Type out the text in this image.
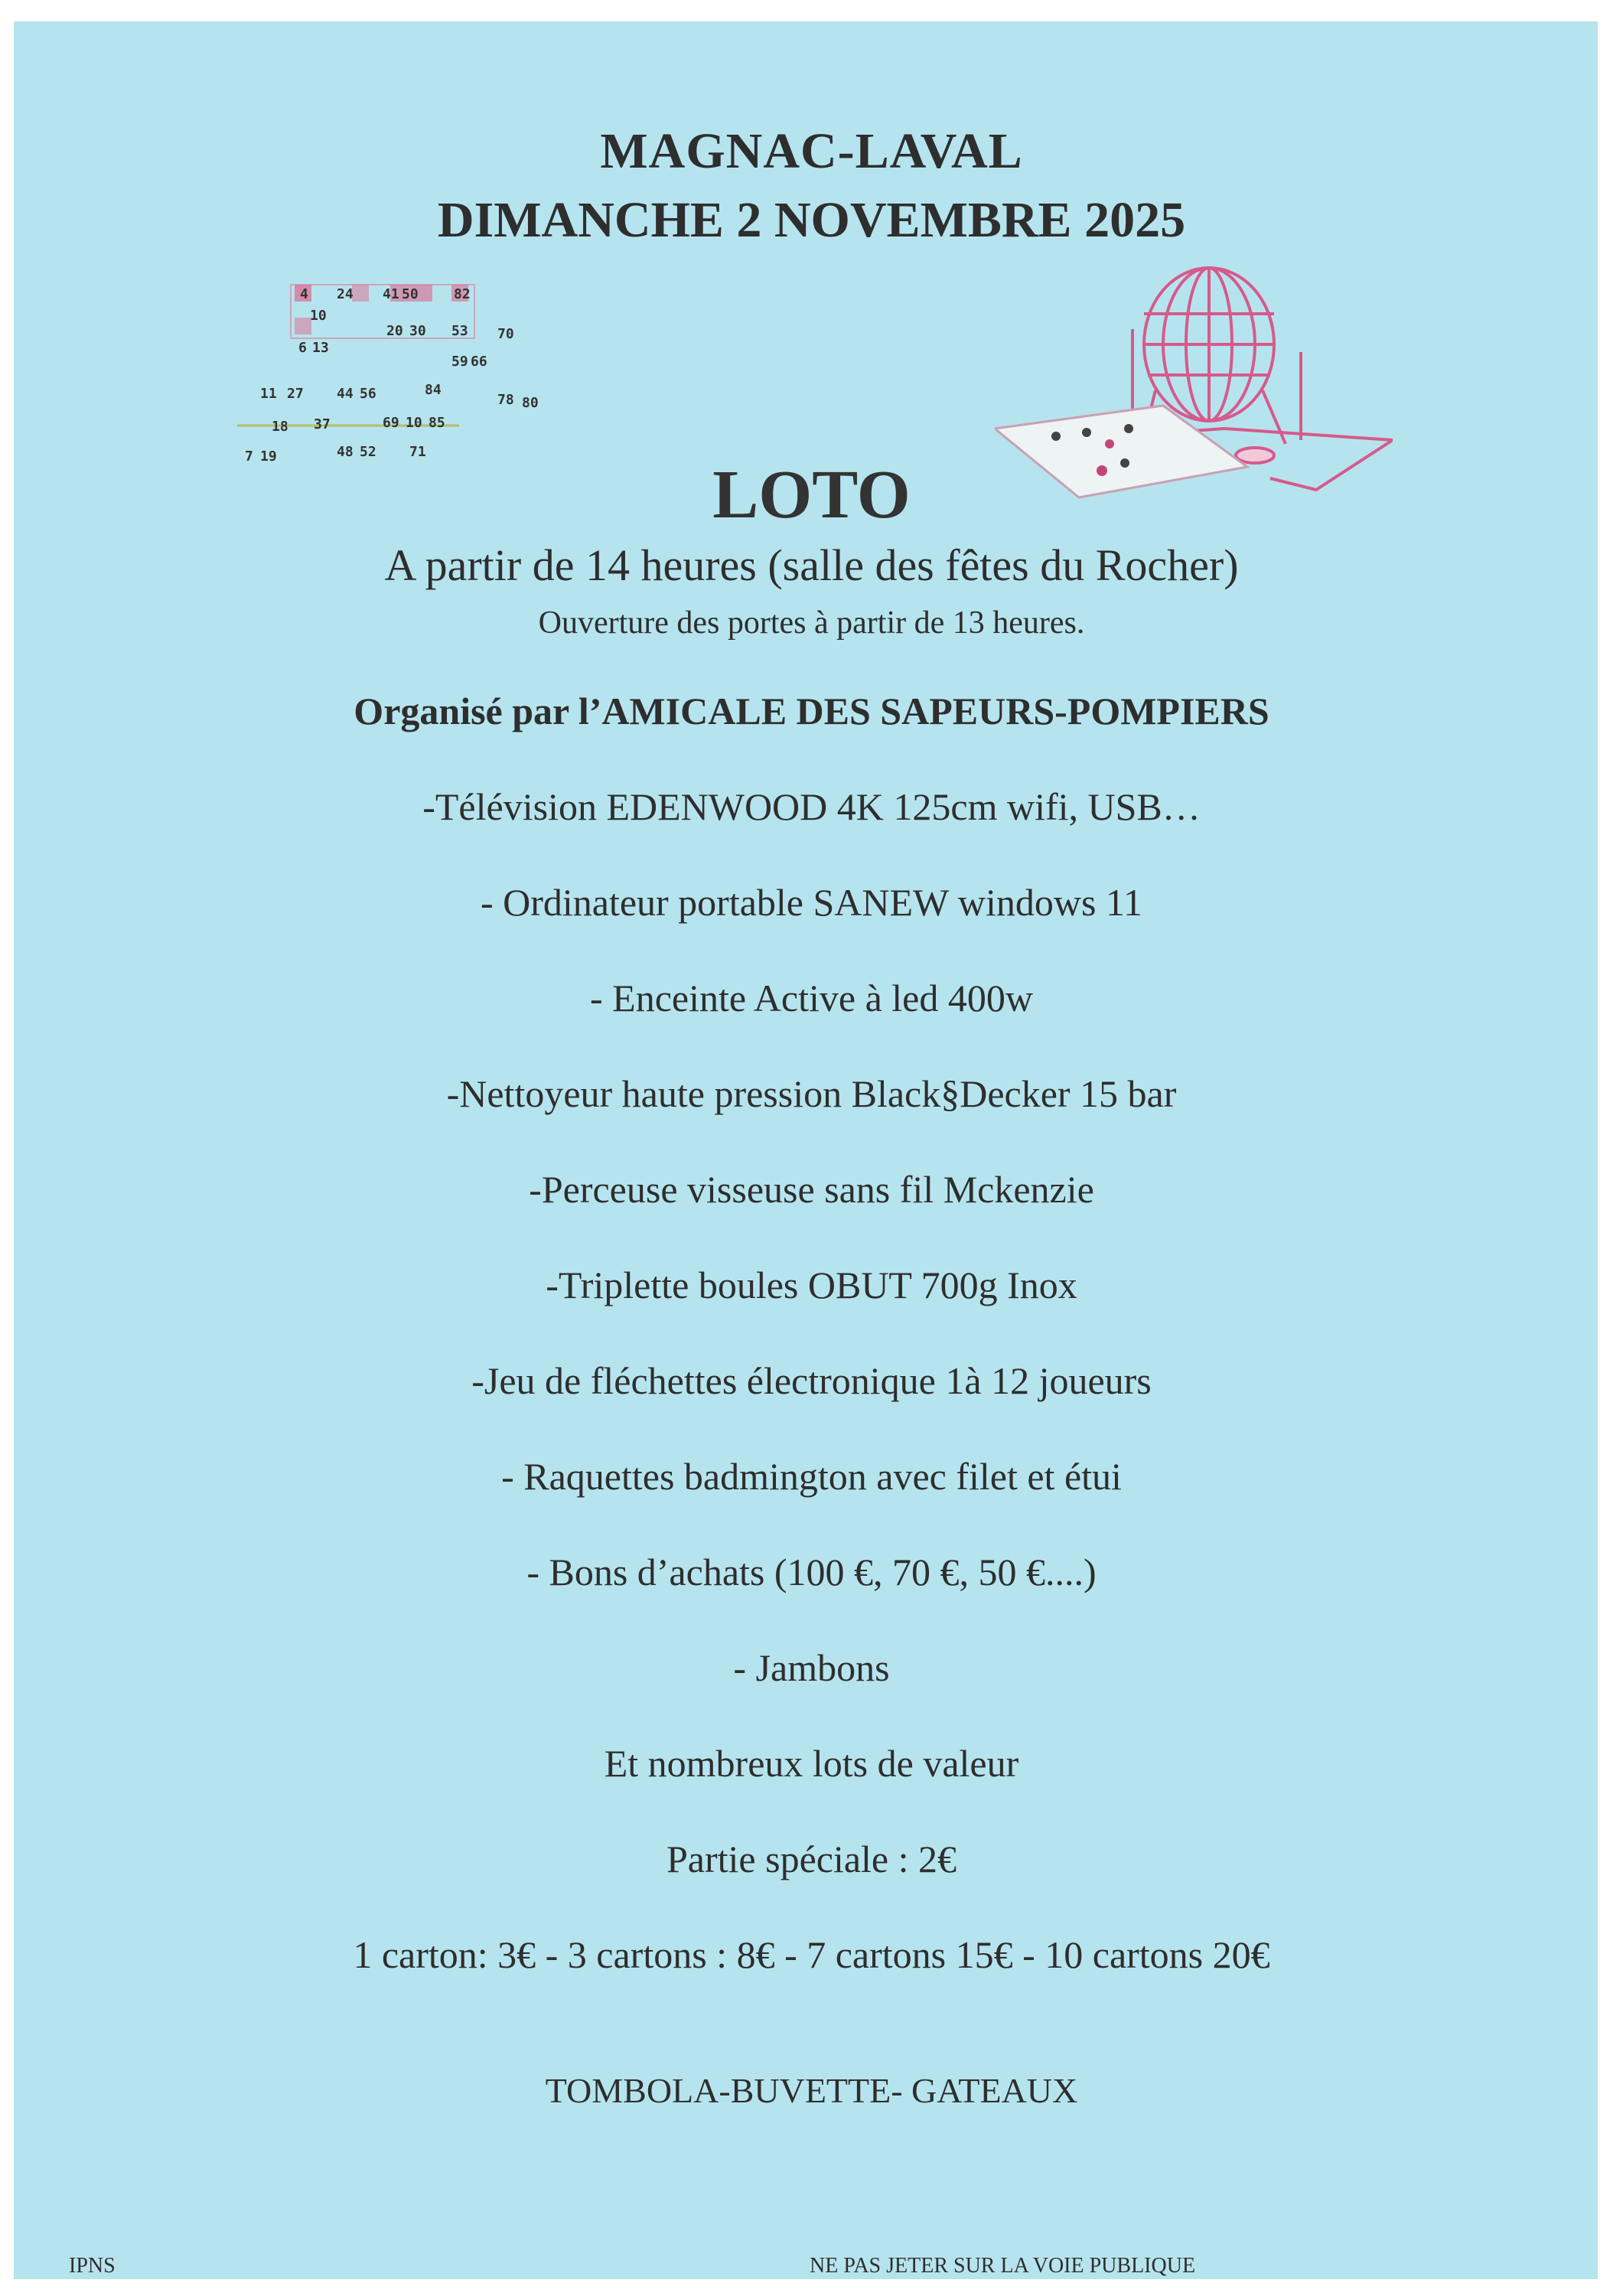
MAGNAC-LAVAL
DIMANCHE 2 NOVEMBRE 2025
4 24 41 50	82
10
20 30 53 70
6 13
59 66
11 27 44 56	84
78 80
18 37	69 10 85
7 19	48 52 71
LOTO
A partir de 14 heures (salle des fêtes du Rocher)
Ouverture des portes à partir de 13 heures.
Organisé par l’AMICALE DES SAPEURS-POMPIERS
-Télévision EDENWOOD 4K 125cm wifi, USB…
- Ordinateur portable SANEW windows 11
- Enceinte Active à led 400w
-Nettoyeur haute pression Black§Decker 15 bar
-Perceuse visseuse sans fil Mckenzie
-Triplette boules OBUT 700g Inox
-Jeu de fléchettes électronique 1à 12 joueurs
- Raquettes badmington avec filet et étui
- Bons d’achats (100 €, 70 €, 50 €....)
- Jambons
Et nombreux lots de valeur
Partie spéciale : 2€
1 carton: 3€ - 3 cartons : 8€ - 7 cartons 15€ - 10 cartons 20€
TOMBOLA-BUVETTE- GATEAUX
IPNS	NE PAS JETER SUR LA VOIE PUBLIQUE
